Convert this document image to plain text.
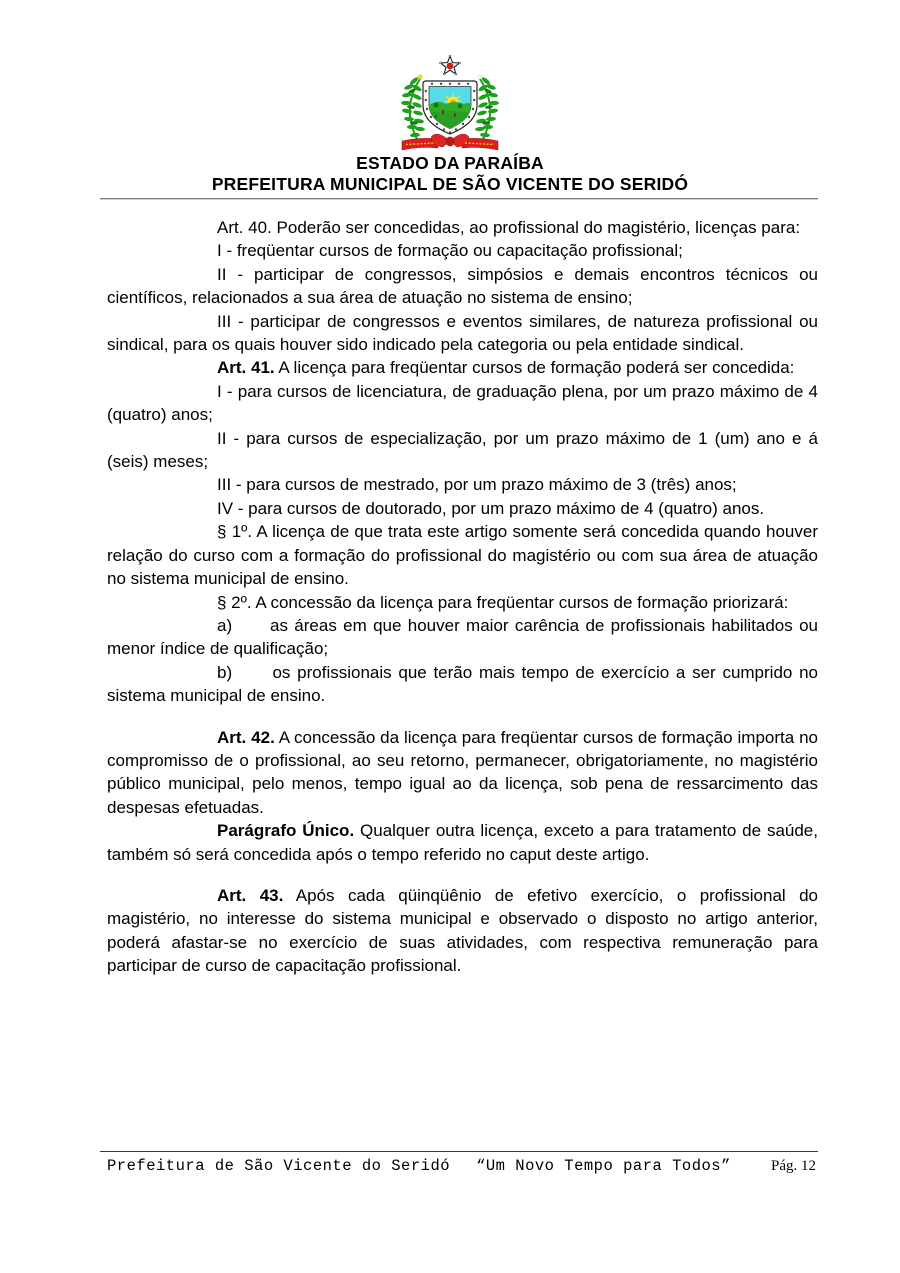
ESTADO DA PARAÍBA
PREFEITURA MUNICIPAL DE SÃO VICENTE DO SERIDÓ

Art. 40. Poderão ser concedidas, ao profissional do magistério, licenças para:

I - freqüentar cursos de formação ou capacitação profissional;

II - participar de congressos, simpósios e demais encontros técnicos ou científicos, relacionados a sua área de atuação no sistema de ensino;

III - participar de congressos e eventos similares, de natureza profissional ou sindical, para os quais houver sido indicado pela categoria ou pela entidade sindical.

Art. 41. A licença para freqüentar cursos de formação poderá ser concedida:

I - para cursos de licenciatura, de graduação plena, por um prazo máximo de 4 (quatro) anos;

II - para cursos de especialização, por um prazo máximo de 1 (um) ano e á (seis) meses;

III - para cursos de mestrado, por um prazo máximo de 3 (três) anos;

IV - para cursos de doutorado, por um prazo máximo de 4 (quatro) anos.

§ 1º. A licença de que trata este artigo somente será concedida quando houver relação do curso com a formação do profissional do magistério ou com sua área de atuação no sistema municipal de ensino.

§ 2º. A concessão da licença para freqüentar cursos de formação priorizará:

a)      as áreas em que houver maior carência de profissionais habilitados ou menor índice de qualificação;

b)      os profissionais que terão mais tempo de exercício a ser cumprido no sistema municipal de ensino.

Art. 42. A concessão da licença para freqüentar cursos de formação importa no compromisso de o profissional, ao seu retorno, permanecer, obrigatoriamente, no magistério público municipal, pelo menos, tempo igual ao da licença, sob pena de ressarcimento das despesas efetuadas.

Parágrafo Único. Qualquer outra licença, exceto a para tratamento de saúde, também só será concedida após o tempo referido no caput deste artigo.

Art. 43. Após cada qüinqüênio de efetivo exercício, o profissional do magistério, no interesse do sistema municipal e observado o disposto no artigo anterior, poderá afastar-se no exercício de suas atividades, com respectiva remuneração para participar de curso de capacitação profissional.

Prefeitura de São Vicente do Seridó “Um Novo Tempo para Todos”	Pág. 12
